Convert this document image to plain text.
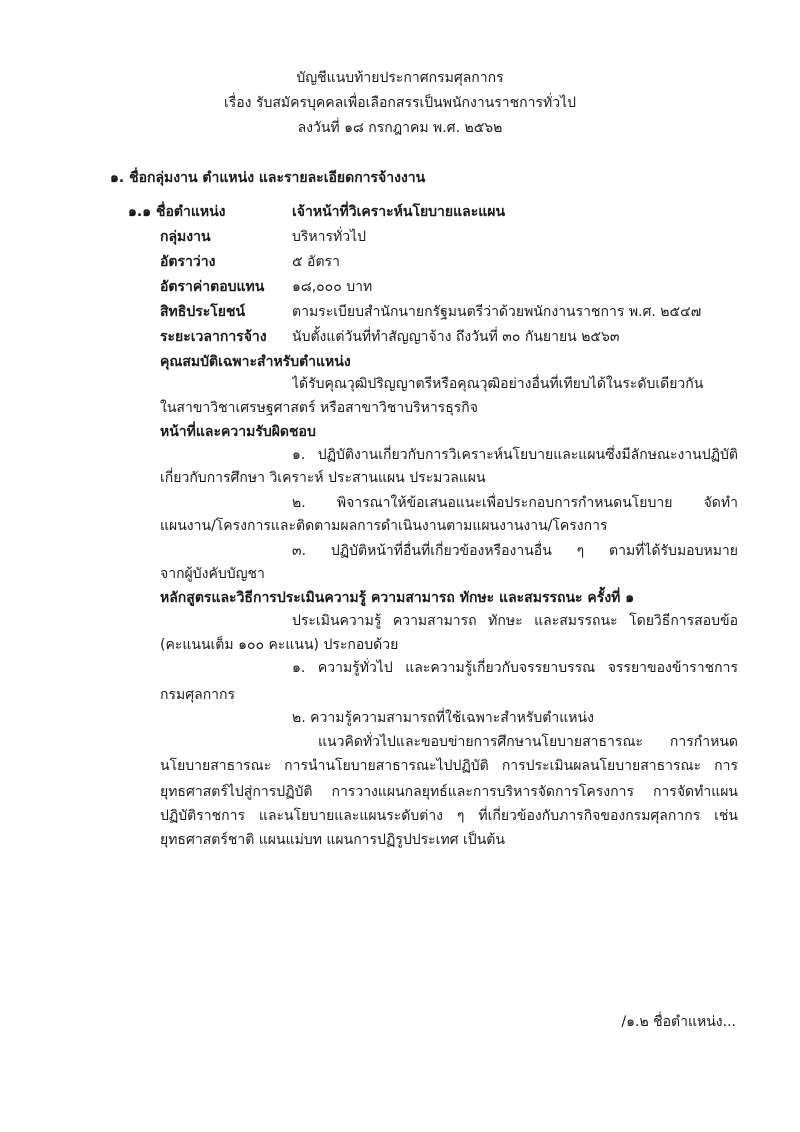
บัญชีแนบท้ายประกาศกรมศุลกากร
เรื่อง รับสมัครบุคคลเพื่อเลือกสรรเป็นพนักงานราชการทั่วไป
ลงวันที่ ๑๘ กรกฎาคม พ.ศ. ๒๕๖๒
๑. ชื่อกลุ่มงาน ตำแหน่ง และรายละเอียดการจ้างงาน
๑.๑ ชื่อตำแหน่ง	เจ้าหน้าที่วิเคราะห์นโยบายและแผน
กลุ่มงาน	บริหารทั่วไป
อัตราว่าง	๕ อัตรา
อัตราค่าตอบแทน ๑๘,๐๐๐ บาท
สิทธิประโยชน์	ตามระเบียบสำนักนายกรัฐมนตรีว่าด้วยพนักงานราชการ พ.ศ. ๒๕๔๗
ระยะเวลาการจ้าง นับตั้งแต่วันที่ทำสัญญาจ้าง ถึงวันที่ ๓๐ กันยายน ๒๕๖๓
คุณสมบัติเฉพาะสำหรับตำแหน่ง
ได้รับคุณวุฒิปริญญาตรีหรือคุณวุฒิอย่างอื่นที่เทียบได้ในระดับเดียวกัน
ในสาขาวิชาเศรษฐศาสตร์ หรือสาขาวิชาบริหารธุรกิจ
หน้าที่และความรับผิดชอบ
๑. ปฏิบัติงานเกี่ยวกับการวิเคราะห์นโยบายและแผนซึ่งมีลักษณะงานปฏิบัติ
เกี่ยวกับการศึกษา วิเคราะห์ ประสานแผน ประมวลแผน
๒. พิจารณาให้ข้อเสนอแนะเพื่อประกอบการกำหนดนโยบาย จัดทำ
แผนงาน/โครงการและติดตามผลการดำเนินงานตามแผนงานงาน/โครงการ
๓. ปฏิบัติหน้าที่อื่นที่เกี่ยวข้องหรืองานอื่น ๆ ตามที่ได้รับมอบหมาย
จากผู้บังคับบัญชา
หลักสูตรและวิธีการประเมินความรู้ ความสามารถ ทักษะ และสมรรถนะ ครั้งที่ ๑
ประเมินความรู้ ความสามารถ ทักษะ และสมรรถนะ โดยวิธีการสอบข้อ
(คะแนนเต็ม ๑๐๐ คะแนน) ประกอบด้วย
๑. ความรู้ทั่วไป และความรู้เกี่ยวกับจรรยาบรรณ จรรยาของข้าราชการ
กรมศุลกากร
๒. ความรู้ความสามารถที่ใช้เฉพาะสำหรับตำแหน่ง
แนวคิดทั่วไปและขอบข่ายการศึกษานโยบายสาธารณะ การกำหนด
นโยบายสาธารณะ การนำนโยบายสาธารณะไปปฏิบัติ การประเมินผลนโยบายสาธารณะ การ
ยุทธศาสตร์ไปสู่การปฏิบัติ การวางแผนกลยุทธ์และการบริหารจัดการโครงการ การจัดทำแผน
ปฏิบัติราชการ และนโยบายและแผนระดับต่าง ๆ ที่เกี่ยวข้องกับภารกิจของกรมศุลกากร เช่น
ยุทธศาสตร์ชาติ แผนแม่บท แผนการปฏิรูปประเทศ เป็นต้น
/๑.๒ ชื่อตำแหน่ง...
